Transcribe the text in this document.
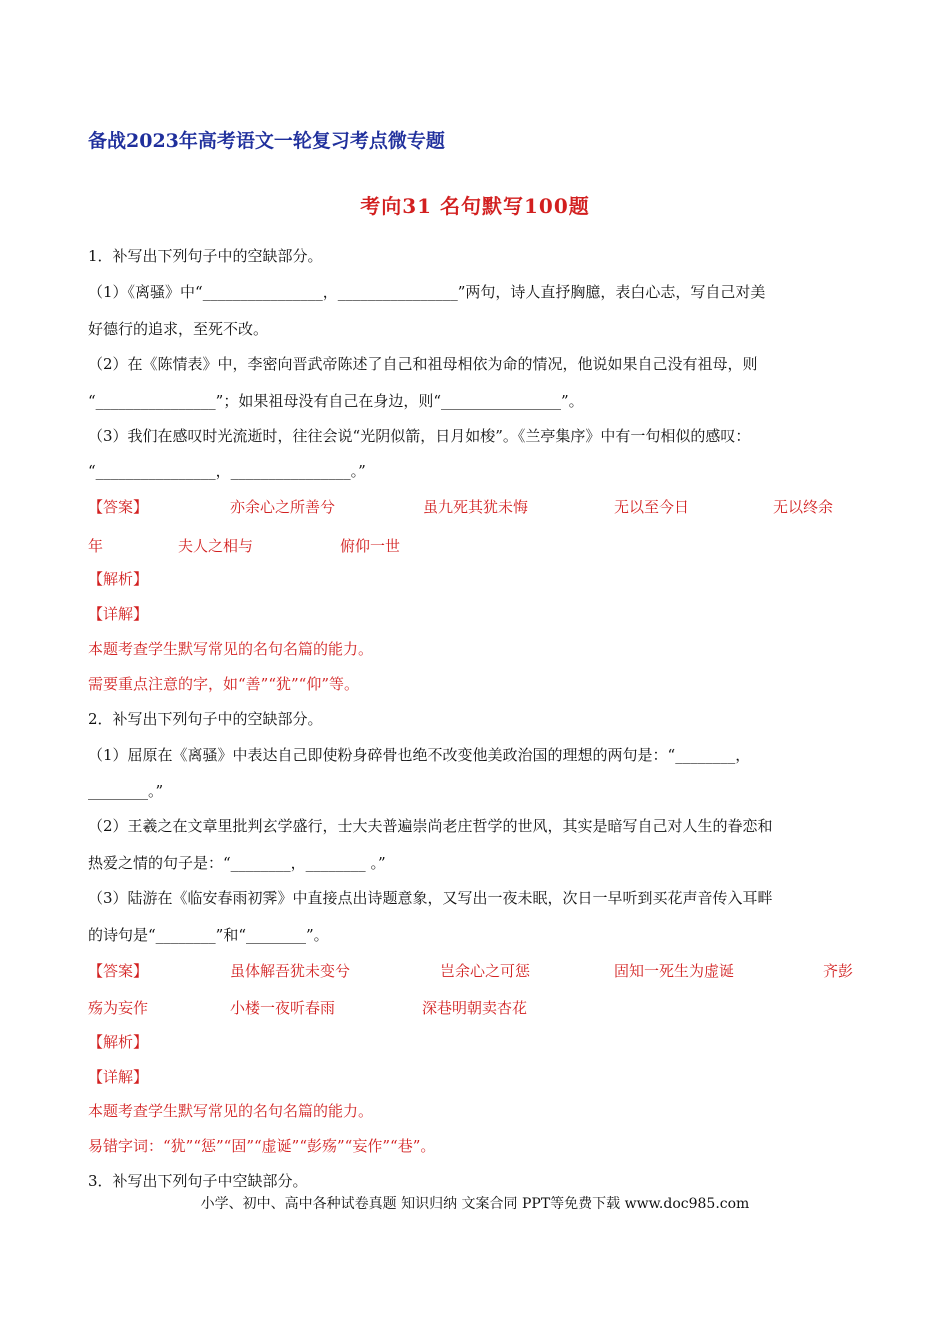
备战2023年高考语文一轮复习考点微专题
考向31 名句默写100题
1．补写出下列句子中的空缺部分。
（1）《离骚》中“________________，________________”两句，诗人直抒胸臆，表白心志，写自己对美
好德行的追求，至死不改。
（2）在《陈情表》中，李密向晋武帝陈述了自己和祖母相依为命的情况，他说如果自己没有祖母，则
“________________”；如果祖母没有自己在身边，则“________________”。
（3）我们在感叹时光流逝时，往往会说“光阴似箭，日月如梭”。《兰亭集序》中有一句相似的感叹：
“________________，________________。”
【答案】	亦余心之所善兮	虽九死其犹未悔	无以至今日	无以终余
年	夫人之相与	俯仰一世
【解析】
【详解】
本题考查学生默写常见的名句名篇的能力。
需要重点注意的字，如“善”“犹”“仰”等。
2．补写出下列句子中的空缺部分。
（1）屈原在《离骚》中表达自己即使粉身碎骨也绝不改变他美政治国的理想的两句是：“________，
________。”
（2）王羲之在文章里批判玄学盛行，士大夫普遍崇尚老庄哲学的世风，其实是暗写自己对人生的眷恋和
热爱之情的句子是：“________，________ 。”
（3）陆游在《临安春雨初霁》中直接点出诗题意象，又写出一夜未眠，次日一早听到买花声音传入耳畔
的诗句是“________”和“________”。
【答案】	虽体解吾犹未变兮	岂余心之可惩	固知一死生为虚诞	齐彭
殇为妄作	小楼一夜听春雨	深巷明朝卖杏花
【解析】
【详解】
本题考查学生默写常见的名句名篇的能力。
易错字词：“犹”“惩”“固”“虚诞”“彭殇”“妄作”“巷”。
3．补写出下列句子中空缺部分。
小学、初中、高中各种试卷真题 知识归纳 文案合同 PPT等免费下载 www.doc985.com
